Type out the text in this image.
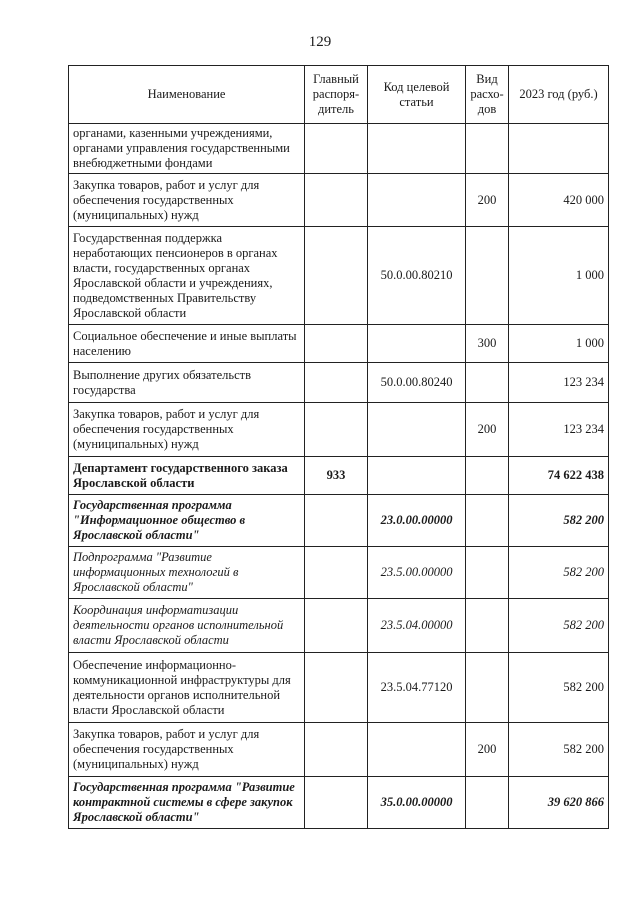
129
Наименование	Главный распоря-дитель	Код целевой статьи	Вид расхо-дов	2023 год (руб.)
органами, казенными учреждениями, органами управления государственными внебюджетными фондами				
Закупка товаров, работ и услуг для обеспечения государственных (муниципальных) нужд			200	420 000
Государственная поддержка неработающих пенсионеров в органах власти, государственных органах Ярославской области и учреждениях, подведомственных Правительству Ярославской области		50.0.00.80210		1 000
Социальное обеспечение и иные выплаты населению			300	1 000
Выполнение других обязательств государства		50.0.00.80240		123 234
Закупка товаров, работ и услуг для обеспечения государственных (муниципальных) нужд			200	123 234
Департамент государственного заказа Ярославской области	933			74 622 438
Государственная программа "Информационное общество в Ярославской области"		23.0.00.00000		582 200
Подпрограмма "Развитие информационных технологий в Ярославской области"		23.5.00.00000		582 200
Координация информатизации деятельности органов исполнительной власти Ярославской области		23.5.04.00000		582 200
Обеспечение информационно-коммуникационной инфраструктуры для деятельности органов исполнительной власти Ярославской области		23.5.04.77120		582 200
Закупка товаров, работ и услуг для обеспечения государственных (муниципальных) нужд			200	582 200
Государственная программа "Развитие контрактной системы в сфере закупок Ярославской области"		35.0.00.00000		39 620 866
